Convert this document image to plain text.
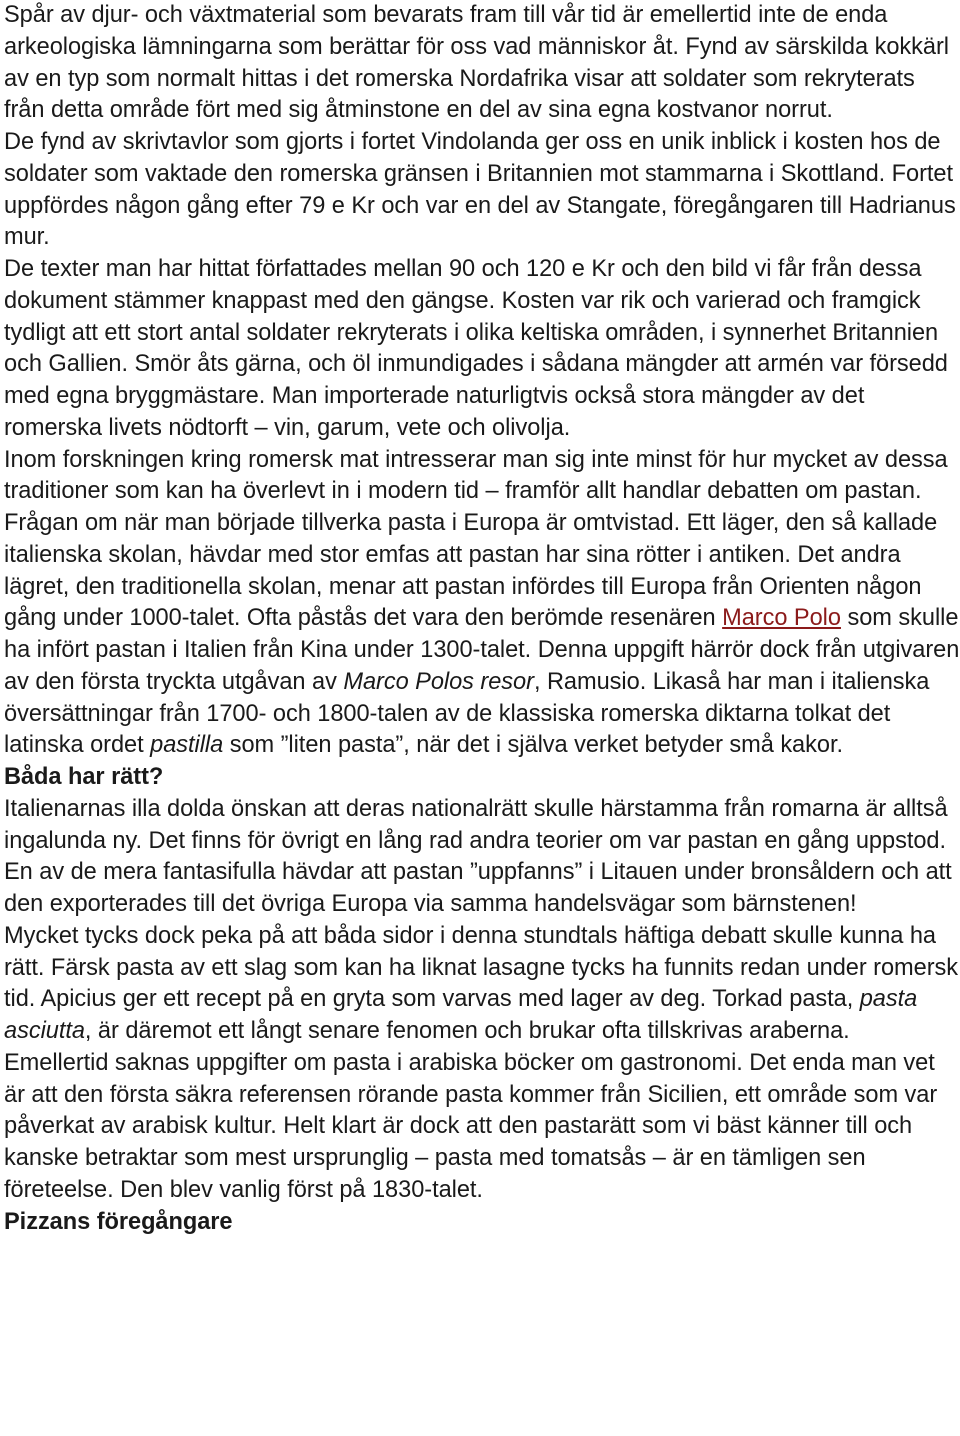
Spår av djur- och växtmaterial som bevarats fram till vår tid är emellertid inte de enda arkeologiska lämningarna som berättar för oss vad människor åt. Fynd av särskilda kokkärl av en typ som normalt hittas i det romerska Nordafrika visar att soldater som rekryterats från detta område fört med sig åtminstone en del av sina egna kostvanor norrut.

De fynd av skrivtavlor som gjorts i fortet Vindolanda ger oss en unik inblick i kosten hos de soldater som vaktade den romerska gränsen i Britannien mot stammarna i Skottland. Fortet uppfördes någon gång efter 79 e Kr och var en del av Stangate, föregångaren till Hadrianus mur.

De texter man har hittat författades mellan 90 och 120 e Kr och den bild vi får från dessa dokument stämmer knappast med den gängse. Kosten var rik och varierad och framgick tydligt att ett stort antal soldater rekryterats i olika keltiska områden, i synnerhet Britannien och Gallien. Smör åts gärna, och öl inmundigades i sådana mängder att armén var försedd med egna bryggmästare. Man importerade naturligtvis också stora mängder av det romerska livets nödtorft – vin, garum, vete och olivolja.

Inom forskningen kring romersk mat intresserar man sig inte minst för hur mycket av dessa traditioner som kan ha överlevt in i modern tid – framför allt handlar debatten om pastan.

Frågan om när man började tillverka pasta i Europa är omtvistad. Ett läger, den så kallade italienska skolan, hävdar med stor emfas att pastan har sina rötter i antiken. Det andra lägret, den traditionella skolan, menar att pastan infördes till Europa från Orienten någon gång under 1000-talet. Ofta påstås det vara den berömde resenären Marco Polo som skulle ha infört pastan i Italien från Kina under 1300-talet. Denna uppgift härrör dock från utgivaren av den första tryckta utgåvan av Marco Polos resor, Ramusio. Likaså har man i italienska översättningar från 1700- och 1800-talen av de klassiska romerska diktarna tolkat det latinska ordet pastilla som ”liten pasta”, när det i själva verket betyder små kakor.

Båda har rätt?

Italienarnas illa dolda önskan att deras nationalrätt skulle härstamma från romarna är alltså ingalunda ny. Det finns för övrigt en lång rad andra teorier om var pastan en gång uppstod. En av de mera fantasifulla hävdar att pastan ”uppfanns” i Litauen under bronsåldern och att den exporterades till det övriga Europa via samma handelsvägar som bärnstenen!

Mycket tycks dock peka på att båda sidor i denna stundtals häftiga debatt skulle kunna ha rätt. Färsk pasta av ett slag som kan ha liknat lasagne tycks ha funnits redan under romersk tid. Apicius ger ett recept på en gryta som varvas med lager av deg. Torkad pasta, pasta asciutta, är däremot ett långt senare fenomen och brukar ofta tillskrivas araberna. Emellertid saknas uppgifter om pasta i arabiska böcker om gastronomi. Det enda man vet är att den första säkra referensen rörande pasta kommer från Sicilien, ett område som var påverkat av arabisk kultur. Helt klart är dock att den pastarätt som vi bäst känner till och kanske betraktar som mest ursprunglig – pasta med tomatsås – är en tämligen sen företeelse. Den blev vanlig först på 1830-talet.

Pizzans föregångare
